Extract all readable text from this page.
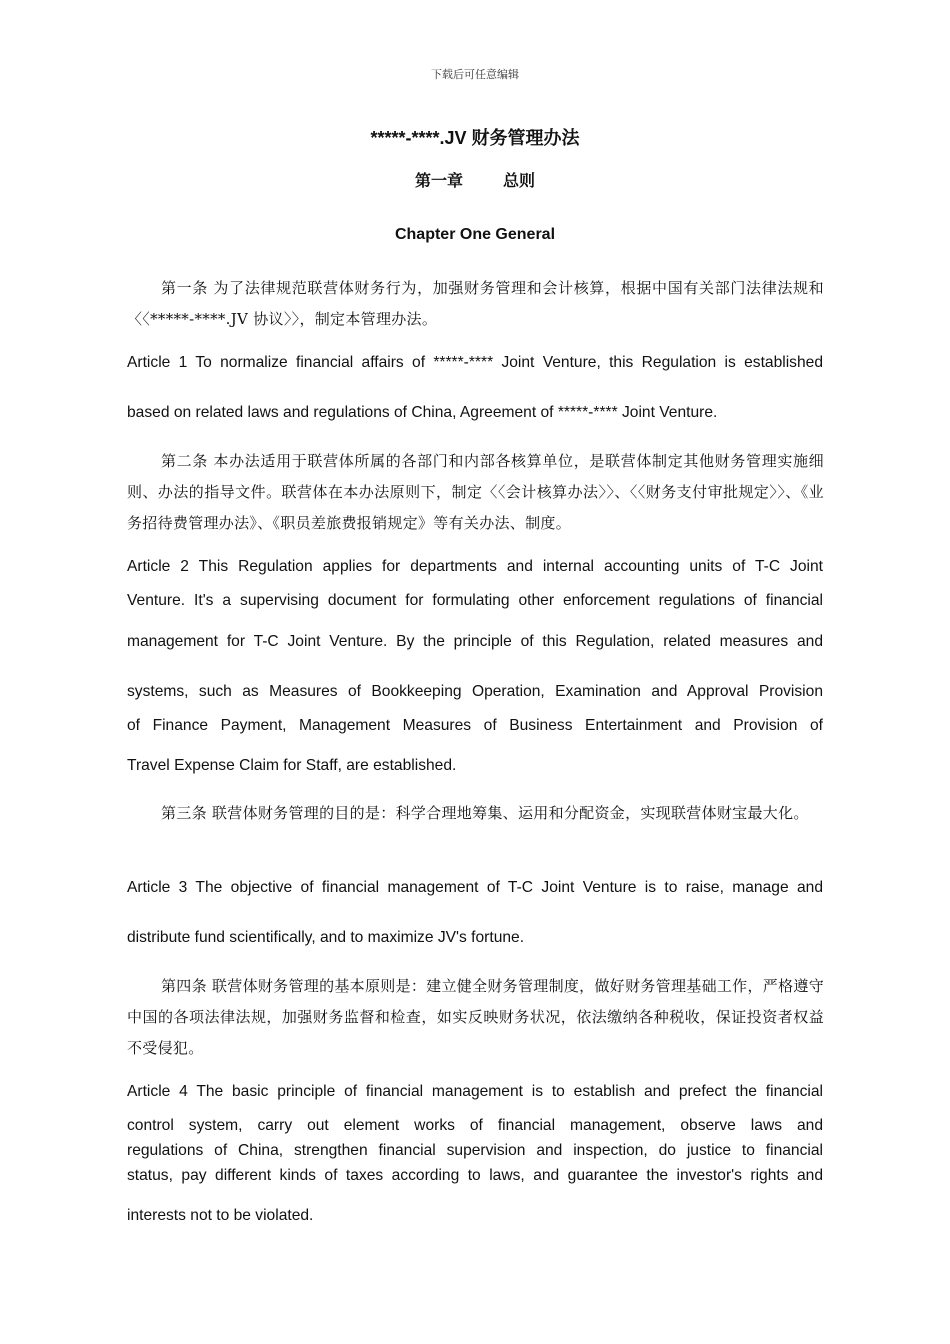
下载后可任意编辑
*****-****.JV 财务管理办法
第一章	总则
Chapter One General
第一条 为了法律规范联营体财务行为，加强财务管理和会计核算，根据中国有关部门法律法规和〈〈*****-****.JV 协议〉〉，制定本管理办法。
Article 1 To normalize financial affairs of *****-**** Joint Venture, this Regulation is established
based on related laws and regulations of China, Agreement of *****-**** Joint Venture.
第二条 本办法适用于联营体所属的各部门和内部各核算单位，是联营体制定其他财务管理实施细则、办法的指导文件。联营体在本办法原则下，制定〈〈会计核算办法〉〉、〈〈财务支付审批规定〉〉、《业务招待费管理办法》、《职员差旅费报销规定》等有关办法、制度。
Article 2 This Regulation applies for departments and internal accounting units of T-C Joint
Venture. It's a supervising document for formulating other enforcement regulations of financial
management for T-C Joint Venture. By the principle of this Regulation, related measures and
systems, such as Measures of Bookkeeping Operation, Examination and Approval Provision
of Finance Payment, Management Measures of Business Entertainment and Provision of
Travel Expense Claim for Staff, are established.
第三条 联营体财务管理的目的是：科学合理地筹集、运用和分配资金，实现联营体财宝最大化。
Article 3 The objective of financial management of T-C Joint Venture is to raise, manage and
distribute fund scientifically, and to maximize JV's fortune.
第四条 联营体财务管理的基本原则是：建立健全财务管理制度，做好财务管理基础工作，严格遵守中国的各项法律法规，加强财务监督和检查，如实反映财务状况，依法缴纳各种税收，保证投资者权益不受侵犯。
Article 4 The basic principle of financial management is to establish and prefect the financial
control system, carry out element works of financial management, observe laws and
regulations of China, strengthen financial supervision and inspection, do justice to financial
status, pay different kinds of taxes according to laws, and guarantee the investor's rights and
interests not to be violated.
